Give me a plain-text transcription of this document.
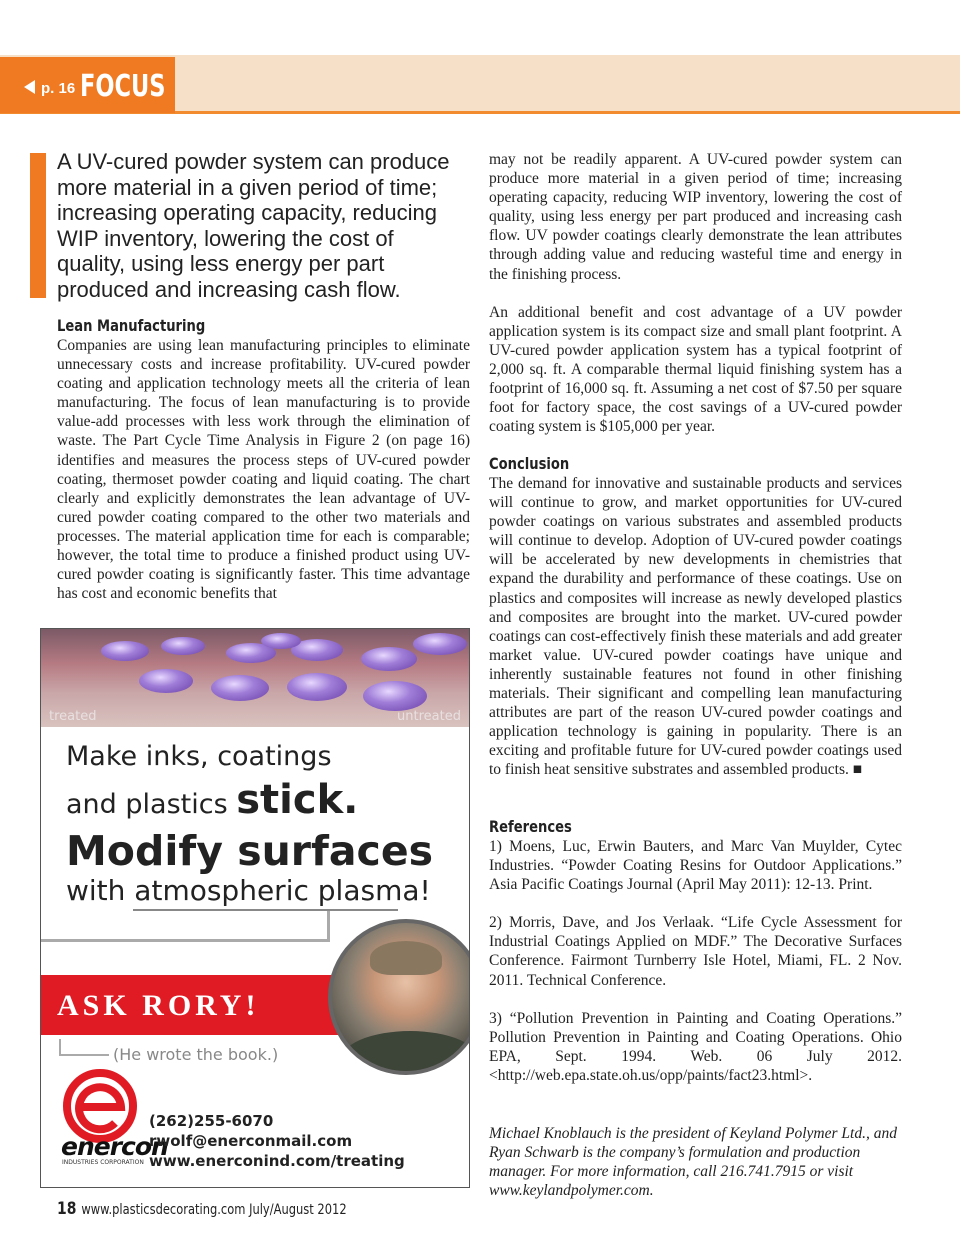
p. 16 FOCUS

A UV-cured powder system can produce more material in a given period of time; increasing operating capacity, reducing WIP inventory, lowering the cost of quality, using less energy per part produced and increasing cash flow.

Lean Manufacturing

Companies are using lean manufacturing principles to eliminate unnecessary costs and increase profitability. UV-cured powder coating and application technology meets all the criteria of lean manufacturing. The focus of lean manufacturing is to provide value-add processes with less work through the elimination of waste. The Part Cycle Time Analysis in Figure 2 (on page 16) identifies and measures the process steps of UV-cured powder coating, thermoset powder coating and liquid coating. The chart clearly and explicitly demonstrates the lean advantage of UV-cured powder coating compared to the other two materials and processes. The material application time for each is comparable; however, the total time to produce a finished product using UV-cured powder coating is significantly faster. This time advantage has cost and economic benefits that

treated	untreated

Make inks, coatings

and plastics stick.

Modify surfaces

with atmospheric plasma!

ASK RORY!

(He wrote the book.)

enercon

INDUSTRIES CORPORATION

(262)255-6070
rwolf@enerconmail.com
www.enerconind.com/treating

may not be readily apparent. A UV-cured powder system can produce more material in a given period of time; increasing operating capacity, reducing WIP inventory, lowering the cost of quality, using less energy per part produced and increasing cash flow. UV powder coatings clearly demonstrate the lean attributes through adding value and reducing wasteful time and energy in the finishing process.

An additional benefit and cost advantage of a UV powder application system is its compact size and small plant footprint. A UV-cured powder application system has a typical footprint of 2,000 sq. ft. A comparable thermal liquid finishing system has a footprint of 16,000 sq. ft. Assuming a net cost of $7.50 per square foot for factory space, the cost savings of a UV-cured powder coating system is $105,000 per year.

Conclusion

The demand for innovative and sustainable products and services will continue to grow, and market opportunities for UV-cured powder coatings on various substrates and assembled products will continue to develop. Adoption of UV-cured powder coatings will be accelerated by new developments in chemistries that expand the durability and performance of these coatings. Use on plastics and composites will increase as newly developed plastics and composites are brought into the market. UV-cured powder coatings can cost-effectively finish these materials and add greater market value. UV-cured powder coatings have unique and inherently sustainable features not found in other finishing materials. Their significant and compelling lean manufacturing attributes are part of the reason UV-cured powder coatings and application technology is gaining in popularity. There is an exciting and profitable future for UV-cured powder coatings used to finish heat sensitive substrates and assembled products. ■

References

1) Moens, Luc, Erwin Bauters, and Marc Van Muylder, Cytec Industries. “Powder Coating Resins for Outdoor Applications.” Asia Pacific Coatings Journal (April May 2011): 12-13. Print.

2) Morris, Dave, and Jos Verlaak. “Life Cycle Assessment for Industrial Coatings Applied on MDF.” The Decorative Surfaces Conference. Fairmont Turnberry Isle Hotel, Miami, FL. 2 Nov. 2011. Technical Conference.

3) “Pollution Prevention in Painting and Coating Operations.” Pollution Prevention in Painting and Coating Operations. Ohio EPA, Sept. 1994. Web. 06 July 2012. <http://web.epa.state.oh.us/opp/paints/fact23.html>.

Michael Knoblauch is the president of Keyland Polymer Ltd., and Ryan Schwarb is the company’s formulation and production manager. For more information, call 216.741.7915 or visit www.keylandpolymer.com.

18 www.plasticsdecorating.com July/August 2012
